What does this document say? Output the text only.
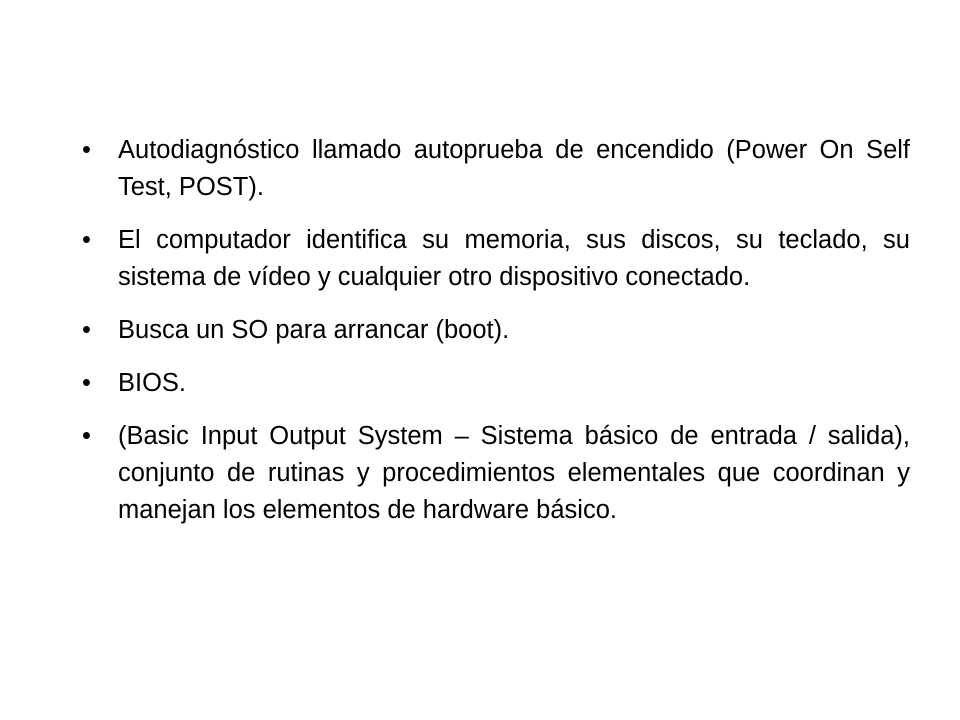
•	Autodiagnóstico llamado autoprueba de encendido (Power On Self Test, POST).
•	El computador identifica su memoria, sus discos, su teclado, su sistema de vídeo y cualquier otro dispositivo conectado.
•	Busca un SO para arrancar (boot).
•	BIOS.
•	(Basic Input Output System – Sistema básico de entrada / salida), conjunto de rutinas y procedimientos elementales que coordinan y manejan los elementos de hardware básico.
